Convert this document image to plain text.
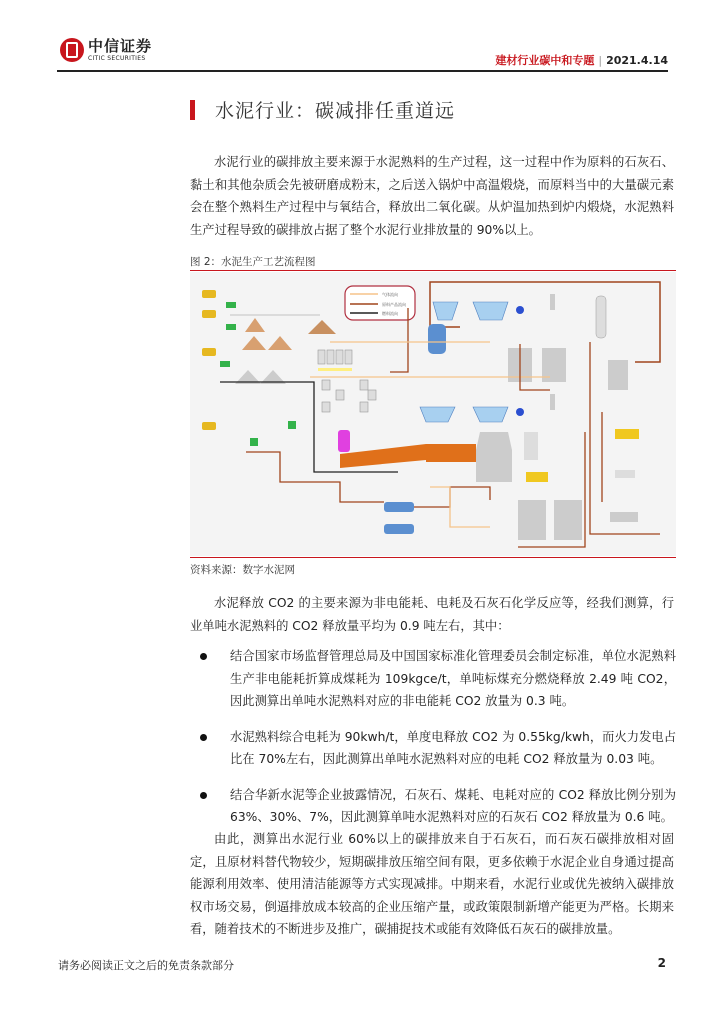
中信证券
CITIC SECURITIES	建材行业碳中和专题 | 2021.4.14
水泥行业：碳减排任重道远
水泥行业的碳排放主要来源于水泥熟料的生产过程，这一过程中作为原料的石灰石、黏土和其他杂质会先被研磨成粉末，之后送入锅炉中高温煅烧，而原料当中的大量碳元素会在整个熟料生产过程中与氧结合，释放出二氧化碳。从炉温加热到炉内煅烧，水泥熟料生产过程导致的碳排放占据了整个水泥行业排放量的 90%以上。
图 2：水泥生产工艺流程图
气体流向
原料产品流向
燃料流向
资料来源：数字水泥网
水泥释放 CO2 的主要来源为非电能耗、电耗及石灰石化学反应等，经我们测算，行业单吨水泥熟料的 CO2 释放量平均为 0.9 吨左右，其中：
结合国家市场监督管理总局及中国国家标准化管理委员会制定标准，单位水泥熟料生产非电能耗折算成煤耗为 109kgce/t，单吨标煤充分燃烧释放 2.49 吨 CO2，因此测算出单吨水泥熟料对应的非电能耗 CO2 放量为 0.3 吨。
水泥熟料综合电耗为 90kwh/t，单度电释放 CO2 为 0.55kg/kwh，而火力发电占比在 70%左右，因此测算出单吨水泥熟料对应的电耗 CO2 释放量为 0.03 吨。
结合华新水泥等企业披露情况，石灰石、煤耗、电耗对应的 CO2 释放比例分别为 63%、30%、7%，因此测算单吨水泥熟料对应的石灰石 CO2 释放量为 0.6 吨。
由此，测算出水泥行业 60%以上的碳排放来自于石灰石，而石灰石碳排放相对固定，且原材料替代物较少，短期碳排放压缩空间有限，更多依赖于水泥企业自身通过提高能源利用效率、使用清洁能源等方式实现减排。中期来看，水泥行业或优先被纳入碳排放权市场交易，倒逼排放成本较高的企业压缩产量，或政策限制新增产能更为严格。长期来看，随着技术的不断进步及推广，碳捕捉技术或能有效降低石灰石的碳排放量。
请务必阅读正文之后的免责条款部分	2
